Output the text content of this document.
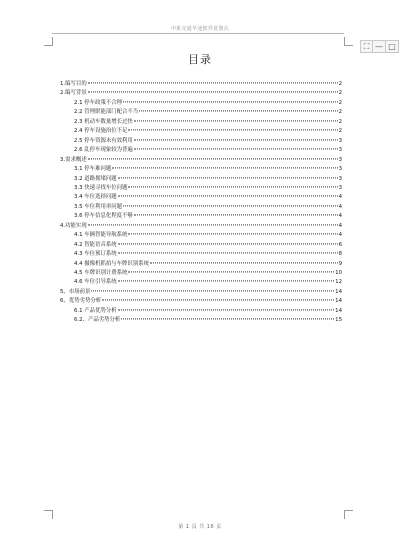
中系交通早途软件优策认
⛶ — □
目录
1.编写目的	2
2.编写背景	2
2.1 停车政策不合理	2
2.2 管理职能部门配合不当	2
2.3 机动车数量增长过快	2
2.4 停车设施治位不足	2
2.5 停车资源未有效利用	3
2.6 乱停车现象较为普遍	3
3.需求概述	3
3.1 停车难问题	3
3.2 道路拥堵问题	3
3.3 快速寻找车位问题	3
3.4 车位选择问题	4
3.5 车位利用率问题	4
3.6 停车信息化程度不够	4
4.功能实现	4
4.1 车辆智能导航系统	4
4.2 智能语音系统	6
4.3 车位预订系统	8
4.4 摄像机抓拍与车牌识别系统	9
4.5 车牌识别计费系统	10
4.6 车位引导系统	12
5、市场前景	14
6、优势劣势分析	14
6.1 产品优势分析	14
6.2、产品劣势分析	15
第 1 页 共 16 页
